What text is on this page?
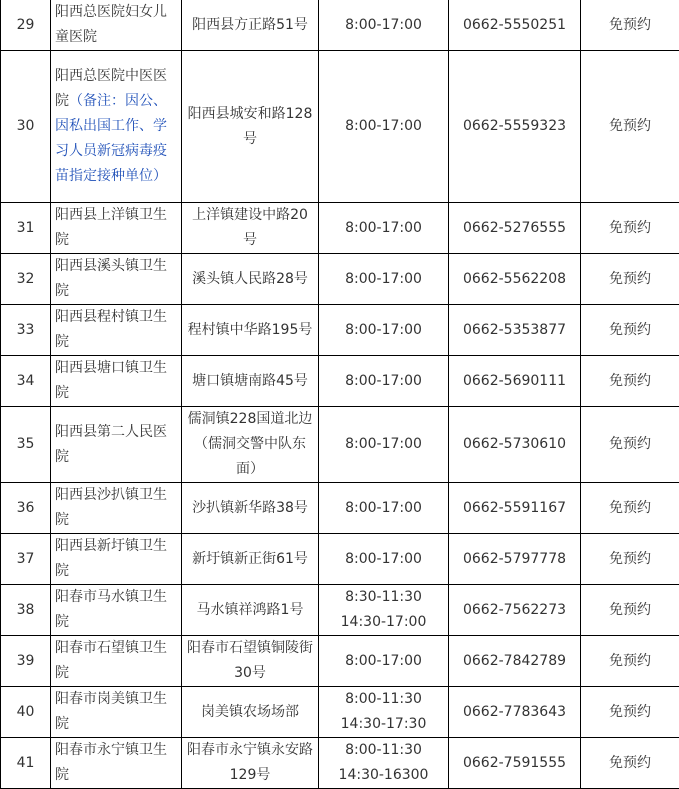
29	阳西总医院妇女儿童医院	阳西县方正路51号	8:00-17:00	0662-5550251	免预约
30	阳西总医院中医医院（备注：因公、因私出国工作、学习人员新冠病毒疫苗指定接种单位）	阳西县城安和路128号	8:00-17:00	0662-5559323	免预约
31	阳西县上洋镇卫生院	上洋镇建设中路20号	8:00-17:00	0662-5276555	免预约
32	阳西县溪头镇卫生院	溪头镇人民路28号	8:00-17:00	0662-5562208	免预约
33	阳西县程村镇卫生院	程村镇中华路195号	8:00-17:00	0662-5353877	免预约
34	阳西县塘口镇卫生院	塘口镇塘南路45号	8:00-17:00	0662-5690111	免预约
35	阳西县第二人民医院	儒洞镇228国道北边（儒洞交警中队东面）	8:00-17:00	0662-5730610	免预约
36	阳西县沙扒镇卫生院	沙扒镇新华路38号	8:00-17:00	0662-5591167	免预约
37	阳西县新圩镇卫生院	新圩镇新正街61号	8:00-17:00	0662-5797778	免预约
38	阳春市马水镇卫生院	马水镇祥鸿路1号	8:30-11:30
14:30-17:00	0662-7562273	免预约
39	阳春市石望镇卫生院	阳春市石望镇铜陵街30号	8:00-17:00	0662-7842789	免预约
40	阳春市岗美镇卫生院	岗美镇农场场部	8:00-11:30
14:30-17:30	0662-7783643	免预约
41	阳春市永宁镇卫生院	阳春市永宁镇永安路129号	8:00-11:30
14:30-16300	0662-7591555	免预约
